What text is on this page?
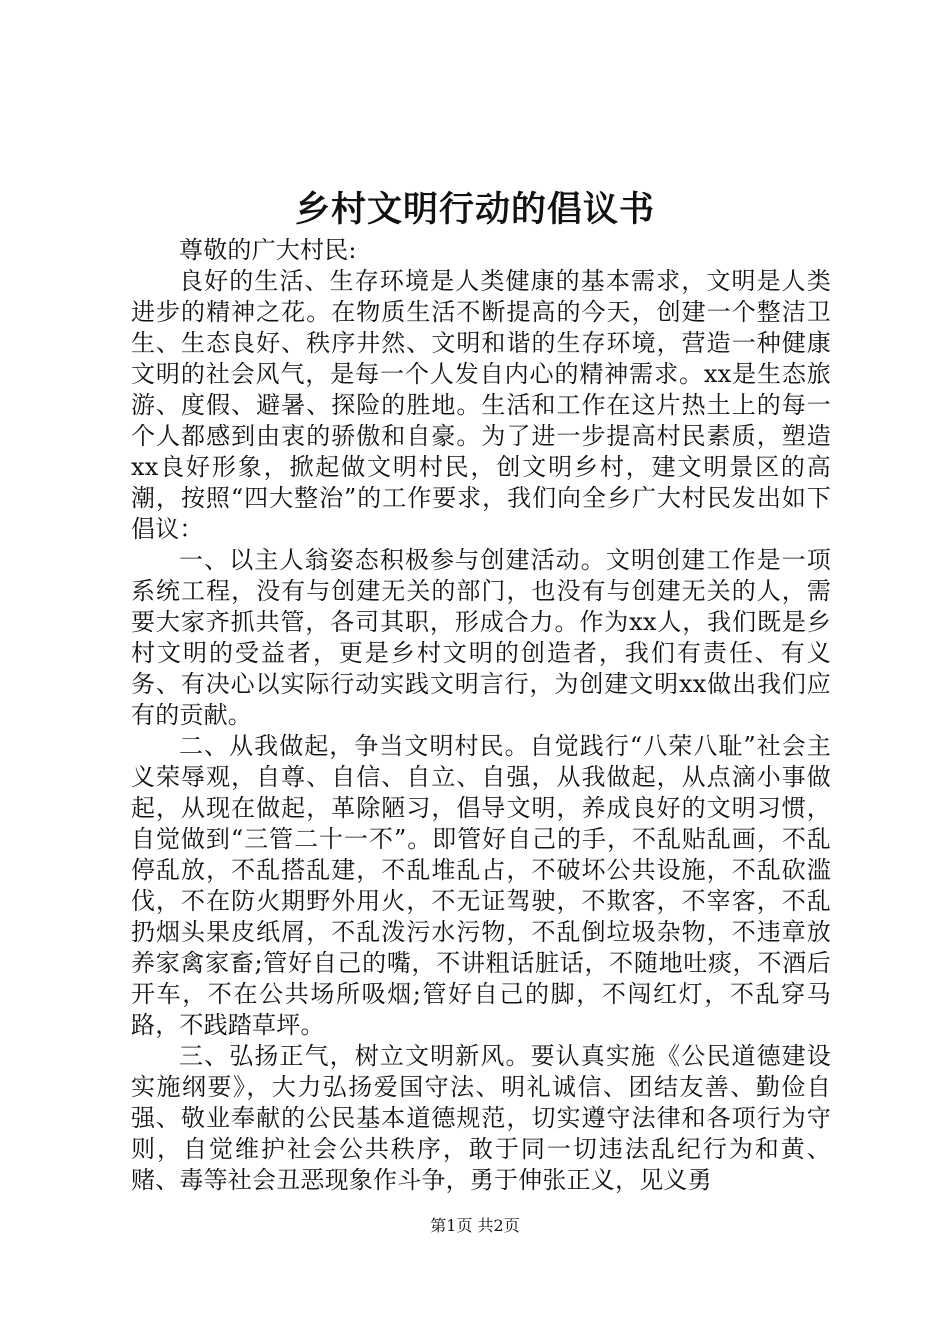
乡村文明行动的倡议书

尊敬的广大村民:

良好的生活、生存环境是人类健康的基本需求，文明是人类进步的精神之花。在物质生活不断提高的今天，创建一个整洁卫生、生态良好、秩序井然、文明和谐的生存环境，营造一种健康文明的社会风气，是每一个人发自内心的精神需求。xx是生态旅游、度假、避暑、探险的胜地。生活和工作在这片热土上的每一个人都感到由衷的骄傲和自豪。为了进一步提高村民素质，塑造xx良好形象，掀起做文明村民，创文明乡村，建文明景区的高潮，按照“四大整治”的工作要求，我们向全乡广大村民发出如下倡议：

一、以主人翁姿态积极参与创建活动。文明创建工作是一项系统工程，没有与创建无关的部门，也没有与创建无关的人，需要大家齐抓共管，各司其职，形成合力。作为xx人，我们既是乡村文明的受益者，更是乡村文明的创造者，我们有责任、有义务、有决心以实际行动实践文明言行，为创建文明xx做出我们应有的贡献。

二、从我做起，争当文明村民。自觉践行“八荣八耻”社会主义荣辱观，自尊、自信、自立、自强，从我做起，从点滴小事做起，从现在做起，革除陋习，倡导文明，养成良好的文明习惯，自觉做到“三管二十一不”。即管好自己的手，不乱贴乱画，不乱停乱放，不乱搭乱建，不乱堆乱占，不破坏公共设施，不乱砍滥伐，不在防火期野外用火，不无证驾驶，不欺客，不宰客，不乱扔烟头果皮纸屑，不乱泼污水污物，不乱倒垃圾杂物，不违章放养家禽家畜;管好自己的嘴，不讲粗话脏话，不随地吐痰，不酒后开车，不在公共场所吸烟;管好自己的脚，不闯红灯，不乱穿马路，不践踏草坪。

三、弘扬正气，树立文明新风。要认真实施《公民道德建设实施纲要》，大力弘扬爱国守法、明礼诚信、团结友善、勤俭自强、敬业奉献的公民基本道德规范，切实遵守法律和各项行为守则，自觉维护社会公共秩序，敢于同一切违法乱纪行为和黄、赌、毒等社会丑恶现象作斗争，勇于伸张正义，见义勇

第1页 共2页
